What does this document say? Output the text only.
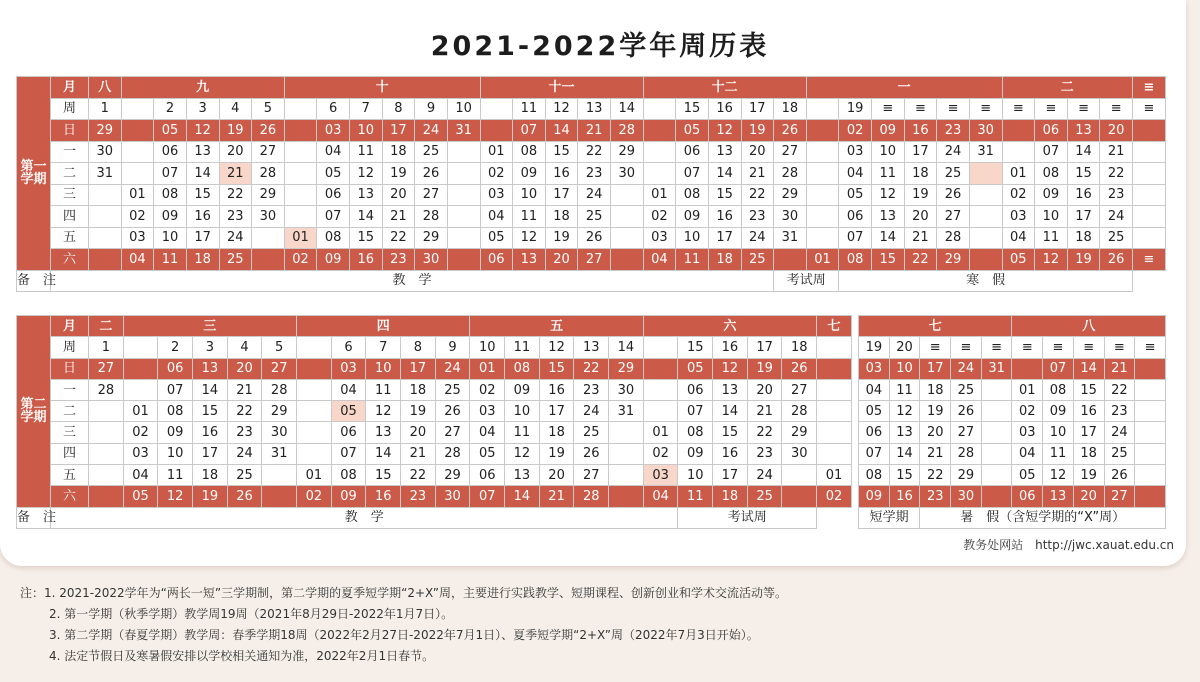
2021-2022学年周历表
第一学期	月	八	九					十						十一					十二					一						二				≡
	周	1		2	3	4	5		6	7	8	9	10		11	12	13	14		15	16	17	18		19	≡	≡	≡	≡	≡	≡	≡	≡	≡
	日	29		05	12	19	26		03	10	17	24	31		07	14	21	28		05	12	19	26		02	09	16	23	30		06	13	20	
	一	30		06	13	20	27		04	11	18	25		01	08	15	22	29		06	13	20	27		03	10	17	24	31		07	14	21	
	二	31		07	14	21	28		05	12	19	26		02	09	16	23	30		07	14	21	28		04	11	18	25		01	08	15	22	
	三		01	08	15	22	29		06	13	20	27		03	10	17	24		01	08	15	22	29		05	12	19	26		02	09	16	23	
	四		02	09	16	23	30		07	14	21	28		04	11	18	25		02	09	16	23	30		06	13	20	27		03	10	17	24	
	五		03	10	17	24		01	08	15	22	29		05	12	19	26		03	10	17	24	31		07	14	21	28		04	11	18	25	
	六		04	11	18	25		02	09	16	23	30		06	13	20	27		04	11	18	25		01	08	15	22	29		05	12	19	26	≡
备　注	教　学																						考试周		寒　假									
第二学期	月	二	三					四					五					六					七
	周	1		2	3	4	5		6	7	8	9	10	11	12	13	14		15	16	17	18	
	日	27		06	13	20	27		03	10	17	24	01	08	15	22	29		05	12	19	26	
	一	28		07	14	21	28		04	11	18	25	02	09	16	23	30		06	13	20	27	
	二		01	08	15	22	29		05	12	19	26	03	10	17	24	31		07	14	21	28	
	三		02	09	16	23	30		06	13	20	27	04	11	18	25		01	08	15	22	29	
	四		03	10	17	24	31		07	14	21	28	05	12	19	26		02	09	16	23	30	
	五		04	11	18	25		01	08	15	22	29	06	13	20	27		03	10	17	24		01
	六		05	12	19	26		02	09	16	23	30	07	14	21	28		04	11	18	25		02
备　注	教　学																		考试周				
七					八				
19	20	≡	≡	≡	≡	≡	≡	≡	≡
03	10	17	24	31		07	14	21	
04	11	18	25		01	08	15	22	
05	12	19	26		02	09	16	23	
06	13	20	27		03	10	17	24	
07	14	21	28		04	11	18	25	
08	15	22	29		05	12	19	26	
09	16	23	30		06	13	20	27	
短学期		暑　假（含短学期的“X”周）							
教务处网站　http://jwc.xauat.edu.cn
注：1. 2021-2022学年为“两长一短”三学期制，第二学期的夏季短学期“2+X”周，主要进行实践教学、短期课程、创新创业和学术交流活动等。
2. 第一学期（秋季学期）教学周19周（2021年8月29日-2022年1月7日）。
3. 第二学期（春夏学期）教学周：春季学期18周（2022年2月27日-2022年7月1日）、夏季短学期“2+X”周（2022年7月3日开始）。
4. 法定节假日及寒暑假安排以学校相关通知为准，2022年2月1日春节。
